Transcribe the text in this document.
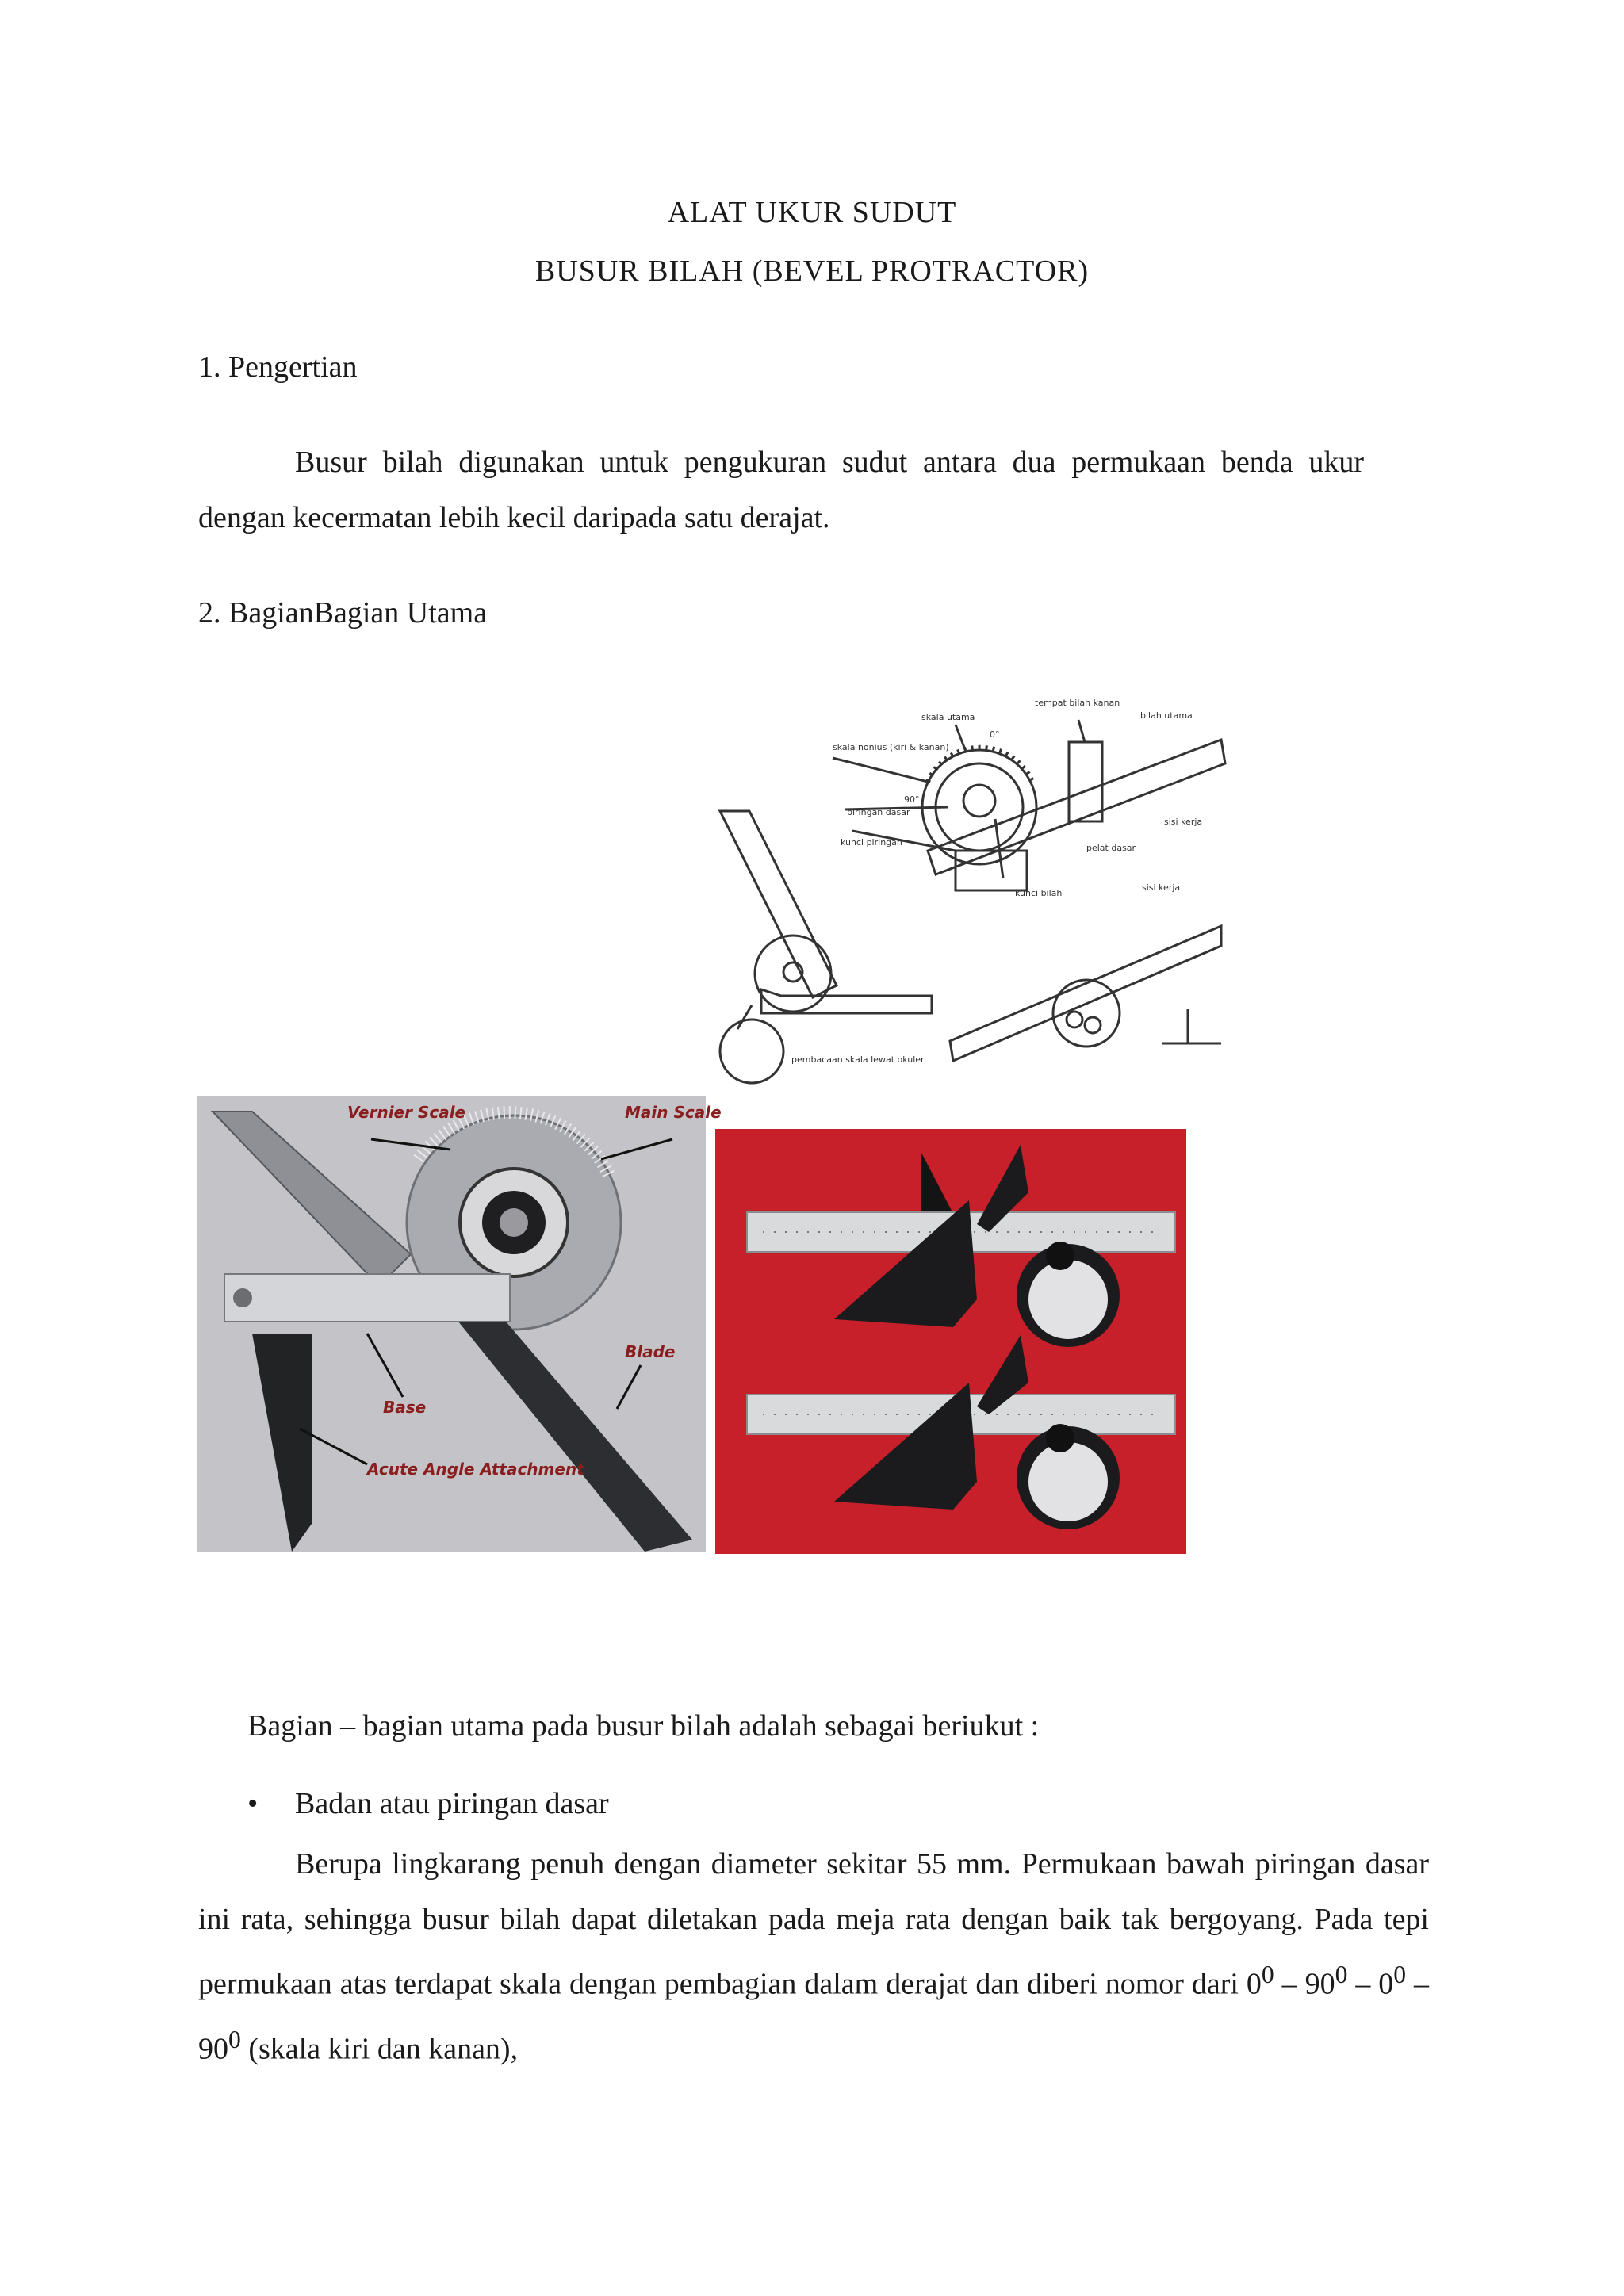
ALAT UKUR SUDUT
BUSUR BILAH (BEVEL PROTRACTOR)
1. Pengertian
Busur bilah digunakan untuk pengukuran sudut antara dua permukaan benda ukur dengan kecermatan lebih kecil daripada satu derajat.
2. BagianBagian Utama
skala utama
tempat bilah kanan
bilah utama
skala nonius (kiri & kanan)
0°
90°
piringan dasar
sisi kerja
kunci piringan
pelat dasar
kunci bilah
sisi kerja
pembacaan skala lewat okuler
Vernier Scale	Main Scale
Blade
Base
Acute Angle Attachment
Bagian – bagian utama pada busur bilah adalah sebagai beriukut :
• Badan atau piringan dasar
Berupa lingkarang penuh dengan diameter sekitar 55 mm. Permukaan bawah piringan dasar ini rata, sehingga busur bilah dapat diletakan pada meja rata dengan baik tak bergoyang. Pada tepi permukaan atas terdapat skala dengan pembagian dalam derajat dan diberi nomor dari $0^0 - 90^0 - 0^0 - 90^0$ (skala kiri dan kanan),
